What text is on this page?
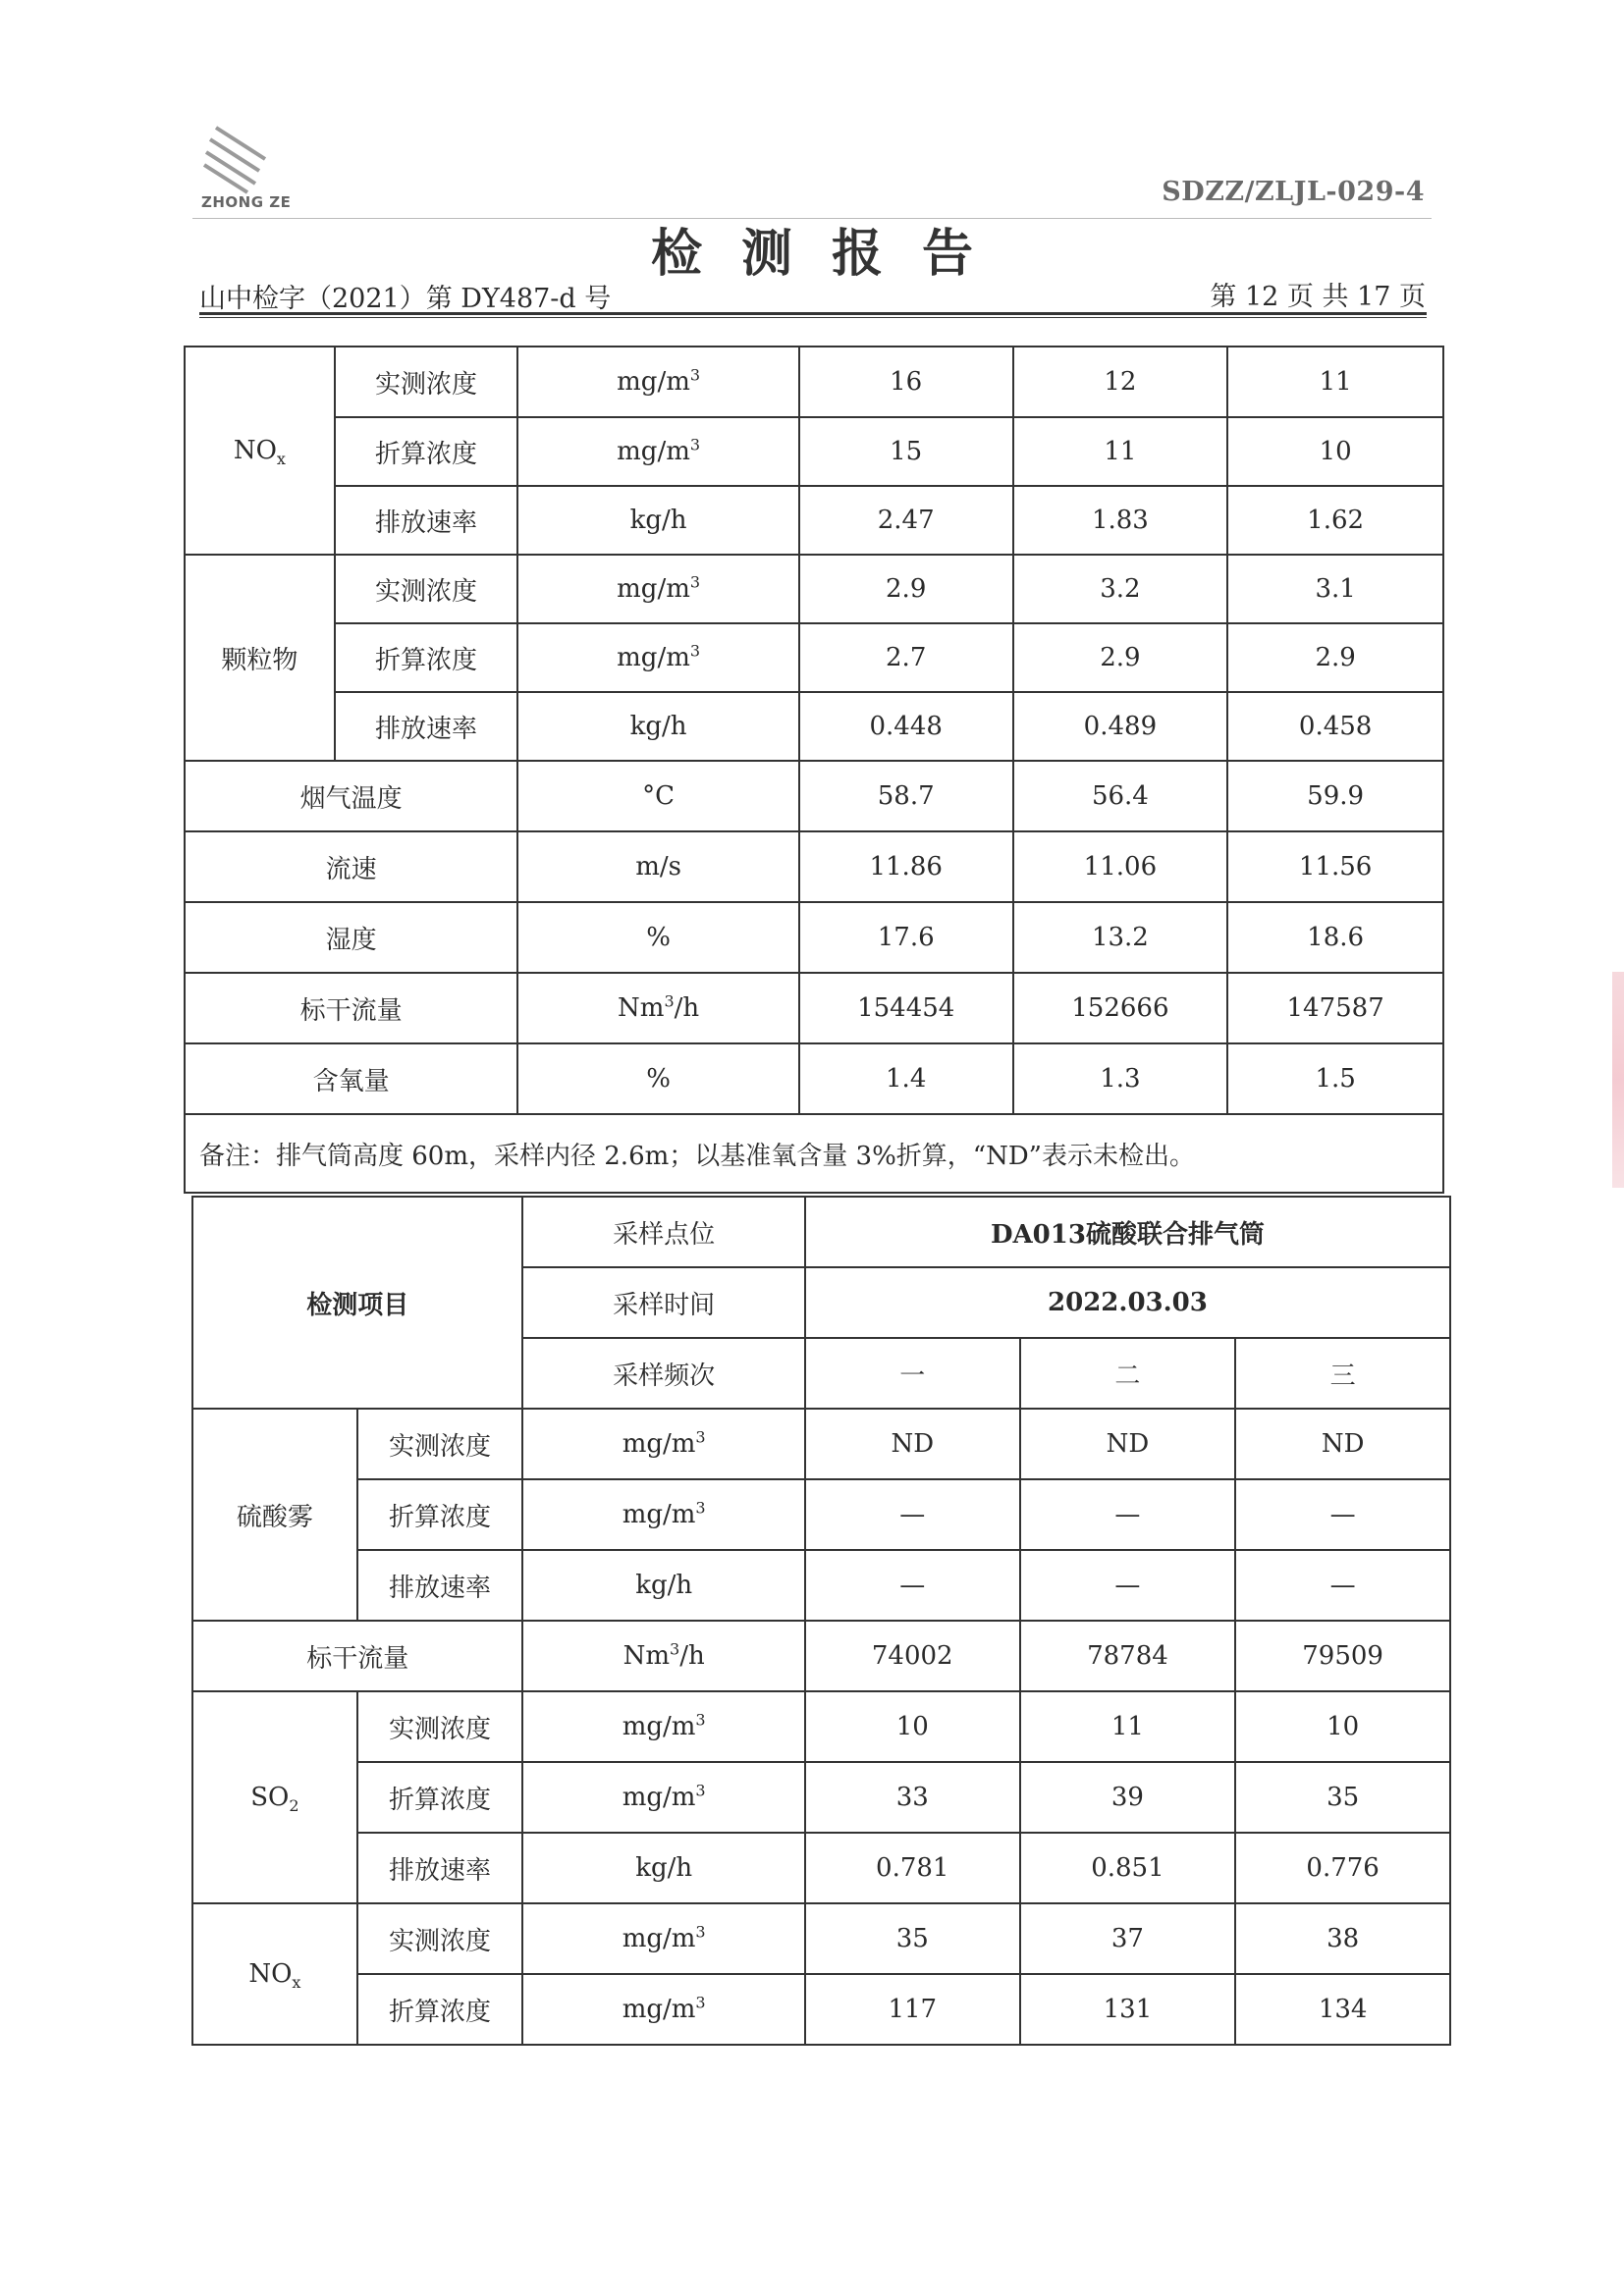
ZHONG ZE	SDZZ/ZLJL-029-4
检测报告
山中检字（2021）第 DY487-d 号	第 12 页 共 17 页
$NO_x$	实测浓度	$mg/m^3$	16	12	11
	折算浓度	$mg/m^3$	15	11	10
	排放速率	kg/h	2.47	1.83	1.62
颗粒物	实测浓度	$mg/m^3$	2.9	3.2	3.1
	折算浓度	$mg/m^3$	2.7	2.9	2.9
	排放速率	kg/h	0.448	0.489	0.458
烟气温度		°C	58.7	56.4	59.9
流速		m/s	11.86	11.06	11.56
湿度		%	17.6	13.2	18.6
标干流量		Nm$^3$/h	154454	152666	147587
含氧量		%	1.4	1.3	1.5
备注：排气筒高度 60m，采样内径 2.6m；以基准氧含量 3%折算，“ND”表示未检出。					
检测项目		采样点位	DA013硫酸联合排气筒		
		采样时间	2022.03.03		
		采样频次	一	二	三
硫酸雾	实测浓度	$mg/m^3$	ND	ND	ND
	折算浓度	$mg/m^3$	—	—	—
	排放速率	kg/h	—	—	—
标干流量		Nm$^3$/h	74002	78784	79509
$SO_2$	实测浓度	$mg/m^3$	10	11	10
	折算浓度	$mg/m^3$	33	39	35
	排放速率	kg/h	0.781	0.851	0.776
$NO_x$	实测浓度	$mg/m^3$	35	37	38
	折算浓度	$mg/m^3$	117	131	134
